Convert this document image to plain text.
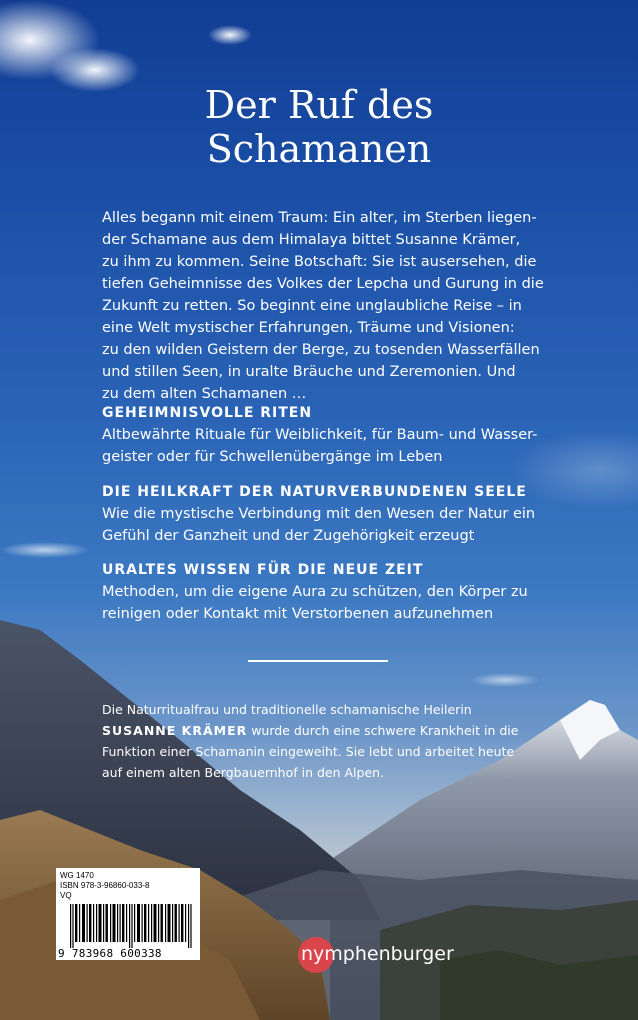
Der Ruf des
Schamanen
Alles begann mit einem Traum: Ein alter, im Sterben liegen-
der Schamane aus dem Himalaya bittet Susanne Krämer,
zu ihm zu kommen. Seine Botschaft: Sie ist ausersehen, die
tiefen Geheimnisse des Volkes der Lepcha und Gurung in die
Zukunft zu retten. So beginnt eine unglaubliche Reise – in
eine Welt mystischer Erfahrungen, Träume und Visionen:
zu den wilden Geistern der Berge, zu tosenden Wasserfällen
und stillen Seen, in uralte Bräuche und Zeremonien. Und
zu dem alten Schamanen …
GEHEIMNISVOLLE RITEN
Altbewährte Rituale für Weiblichkeit, für Baum- und Wasser-
geister oder für Schwellenübergänge im Leben
DIE HEILKRAFT DER NATURVERBUNDENEN SEELE
Wie die mystische Verbindung mit den Wesen der Natur ein
Gefühl der Ganzheit und der Zugehörigkeit erzeugt
URALTES WISSEN FÜR DIE NEUE ZEIT
Methoden, um die eigene Aura zu schützen, den Körper zu
reinigen oder Kontakt mit Verstorbenen aufzunehmen
Die Naturritualfrau und traditionelle schamanische Heilerin
SUSANNE KRÄMER wurde durch eine schwere Krankheit in die
Funktion einer Schamanin eingeweiht. Sie lebt und arbeitet heute
auf einem alten Bergbauernhof in den Alpen.
WG 1470
ISBN 978-3-96860-033-8
VQ
9 783968 600338	nymphenburger
